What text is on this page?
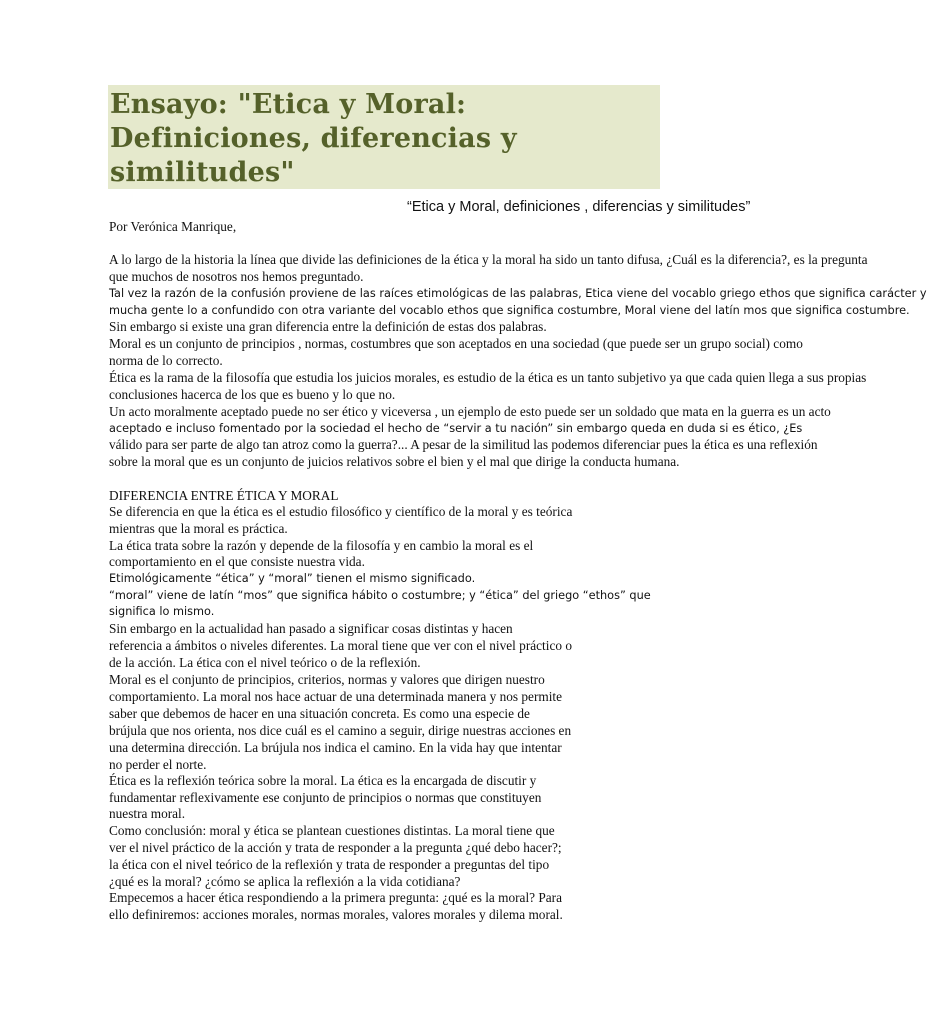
Ensayo: "Etica y Moral:
Definiciones, diferencias y
similitudes"
“Etica y Moral, definiciones , diferencias y similitudes”
Por Verónica Manrique,
A lo largo de la historia la línea que divide las definiciones de la ética y la moral ha sido un tanto difusa, ¿Cuál es la diferencia?, es la pregunta
que muchos de nosotros nos hemos preguntado.
Tal vez la razón de la confusión proviene de las raíces etimológicas de las palabras, Etica viene del vocablo griego ethos que significa carácter y
mucha gente lo a confundido con otra variante del vocablo ethos que significa costumbre, Moral viene del latín mos que significa costumbre.
Sin embargo si existe una gran diferencia entre la definición de estas dos palabras.
Moral es un conjunto de principios , normas, costumbres que son aceptados en una sociedad (que puede ser un grupo social) como
norma de lo correcto.
Ética es la rama de la filosofía que estudia los juicios morales, es estudio de la ética es un tanto subjetivo ya que cada quien llega a sus propias
conclusiones hacerca de los que es bueno y lo que no.
Un acto moralmente aceptado puede no ser ético y viceversa , un ejemplo de esto puede ser un soldado que mata en la guerra es un acto
aceptado e incluso fomentado por la sociedad el hecho de “servir a tu nación” sin embargo queda en duda si es ético, ¿Es
válido para ser parte de algo tan atroz como la guerra?... A pesar de la similitud las podemos diferenciar pues la ética es una reflexión
sobre la moral que es un conjunto de juicios relativos sobre el bien y el mal que dirige la conducta humana.
DIFERENCIA ENTRE ÉTICA Y MORAL
Se diferencia en que la ética es el estudio filosófico y científico de la moral y es teórica
mientras que la moral es práctica.
La ética trata sobre la razón y depende de la filosofía y en cambio la moral es el
comportamiento en el que consiste nuestra vida.
Etimológicamente “ética” y “moral” tienen el mismo significado.
“moral” viene de latín “mos” que significa hábito o costumbre; y “ética” del griego “ethos” que
significa lo mismo.
Sin embargo en la actualidad han pasado a significar cosas distintas y hacen
referencia a ámbitos o niveles diferentes. La moral tiene que ver con el nivel práctico o
de la acción. La ética con el nivel teórico o de la reflexión.
Moral es el conjunto de principios, criterios, normas y valores que dirigen nuestro
comportamiento. La moral nos hace actuar de una determinada manera y nos permite
saber que debemos de hacer en una situación concreta. Es como una especie de
brújula que nos orienta, nos dice cuál es el camino a seguir, dirige nuestras acciones en
una determina dirección. La brújula nos indica el camino. En la vida hay que intentar
no perder el norte.
Ética es la reflexión teórica sobre la moral. La ética es la encargada de discutir y
fundamentar reflexivamente ese conjunto de principios o normas que constituyen
nuestra moral.
Como conclusión: moral y ética se plantean cuestiones distintas. La moral tiene que
ver el nivel práctico de la acción y trata de responder a la pregunta ¿qué debo hacer?;
la ética con el nivel teórico de la reflexión y trata de responder a preguntas del tipo
¿qué es la moral? ¿cómo se aplica la reflexión a la vida cotidiana?
Empecemos a hacer ética respondiendo a la primera pregunta: ¿qué es la moral? Para
ello definiremos: acciones morales, normas morales, valores morales y dilema moral.
